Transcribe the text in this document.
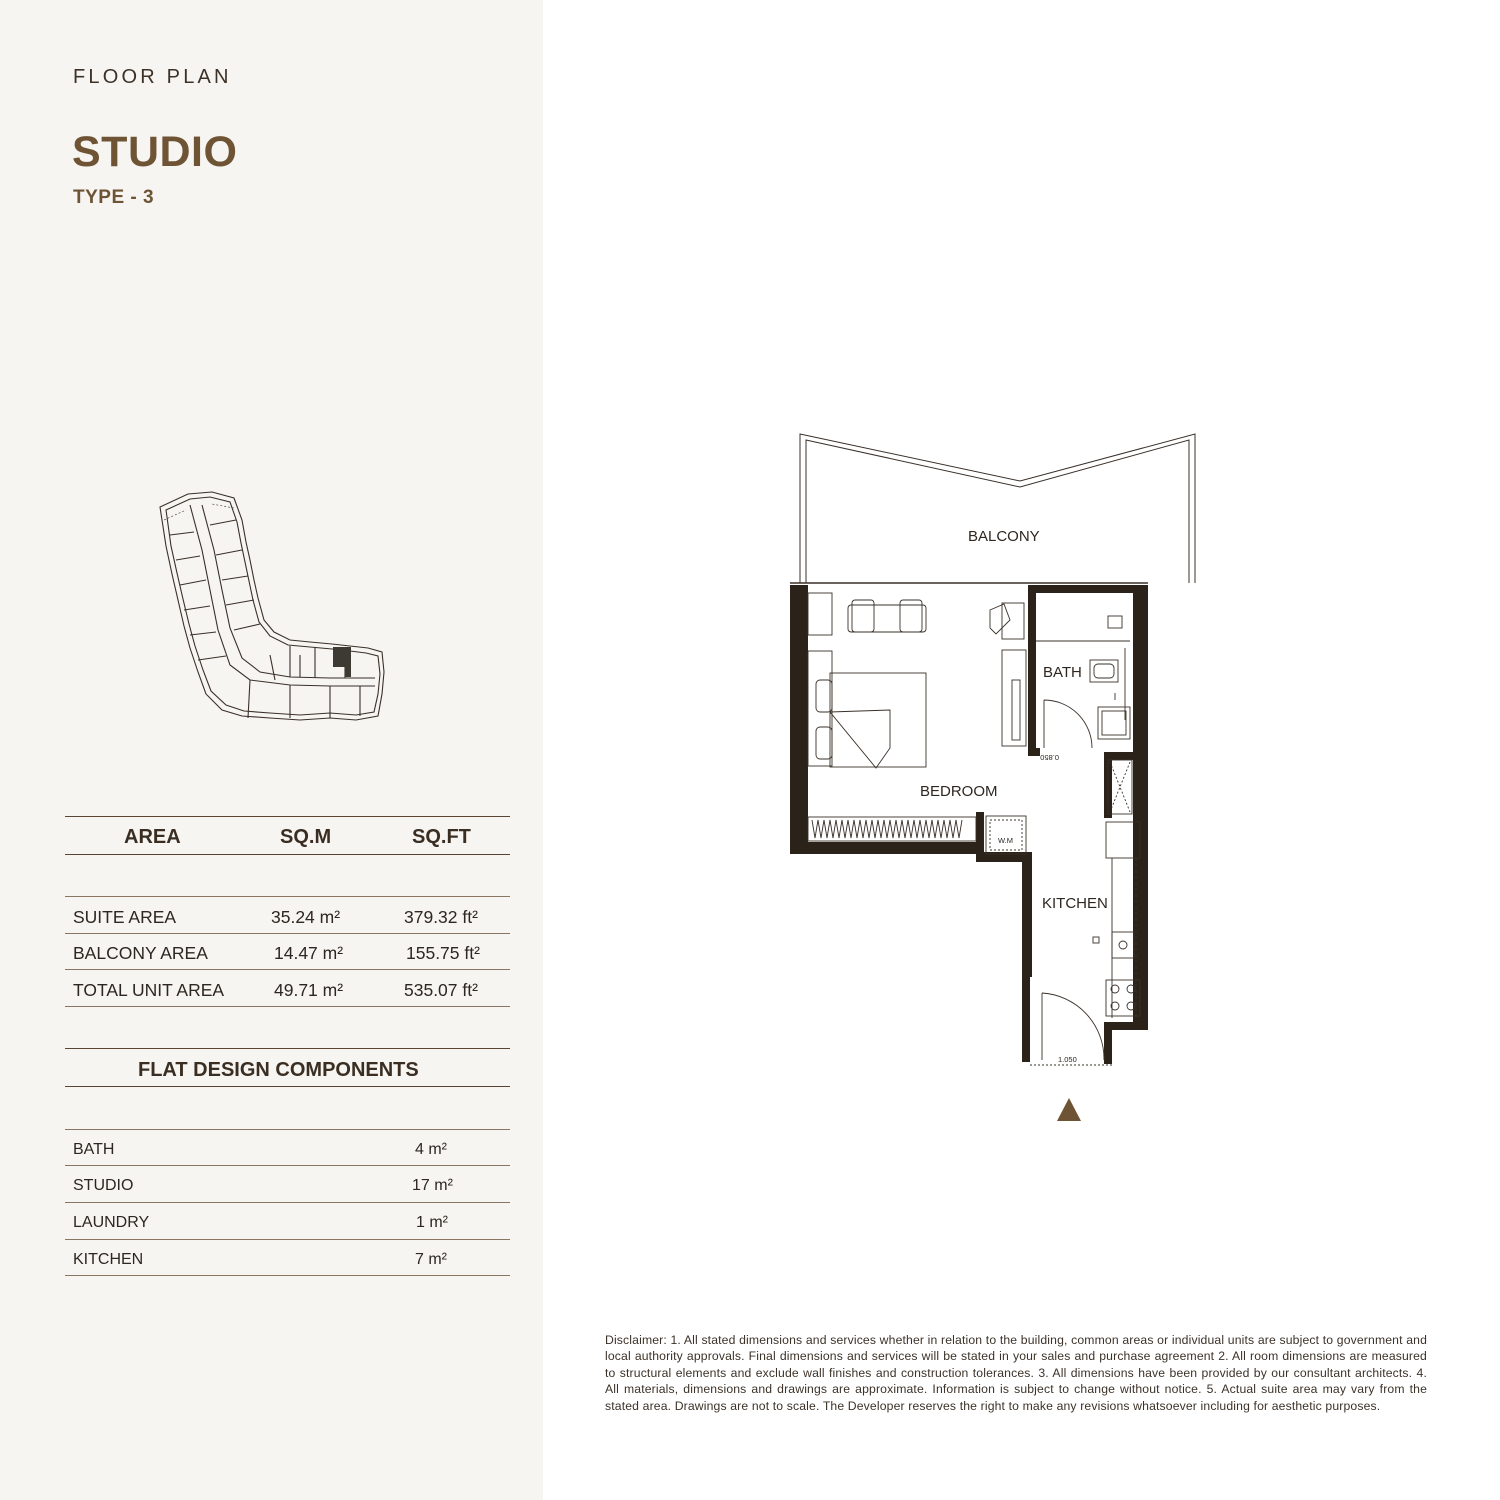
FLOOR PLAN
STUDIO
TYPE - 3
AREA	SQ.M	SQ.FT
SUITE AREA	35.24 m²	379.32 ft²
BALCONY AREA	14.47 m²	155.75 ft²
TOTAL UNIT AREA	49.71 m²	535.07 ft²
FLAT DESIGN COMPONENTS
BATH	4 m²
STUDIO	17 m²
LAUNDRY	1 m²
KITCHEN	7 m²
BALCONY
BEDROOM
BATH
KITCHEN
W.M
0.850
1.050
Disclaimer: 1. All stated dimensions and services whether in relation to the building, common areas or individual units are subject to government and local authority approvals. Final dimensions and services will be stated in your sales and purchase agreement 2. All room dimensions are measured to structural elements and exclude wall finishes and construction tolerances. 3. All dimensions have been provided by our consultant architects. 4. All materials, dimensions and drawings are approximate. Information is subject to change without notice. 5. Actual suite area may vary from the stated area. Drawings are not to scale. The Developer reserves the right to make any revisions whatsoever including for aesthetic purposes.
